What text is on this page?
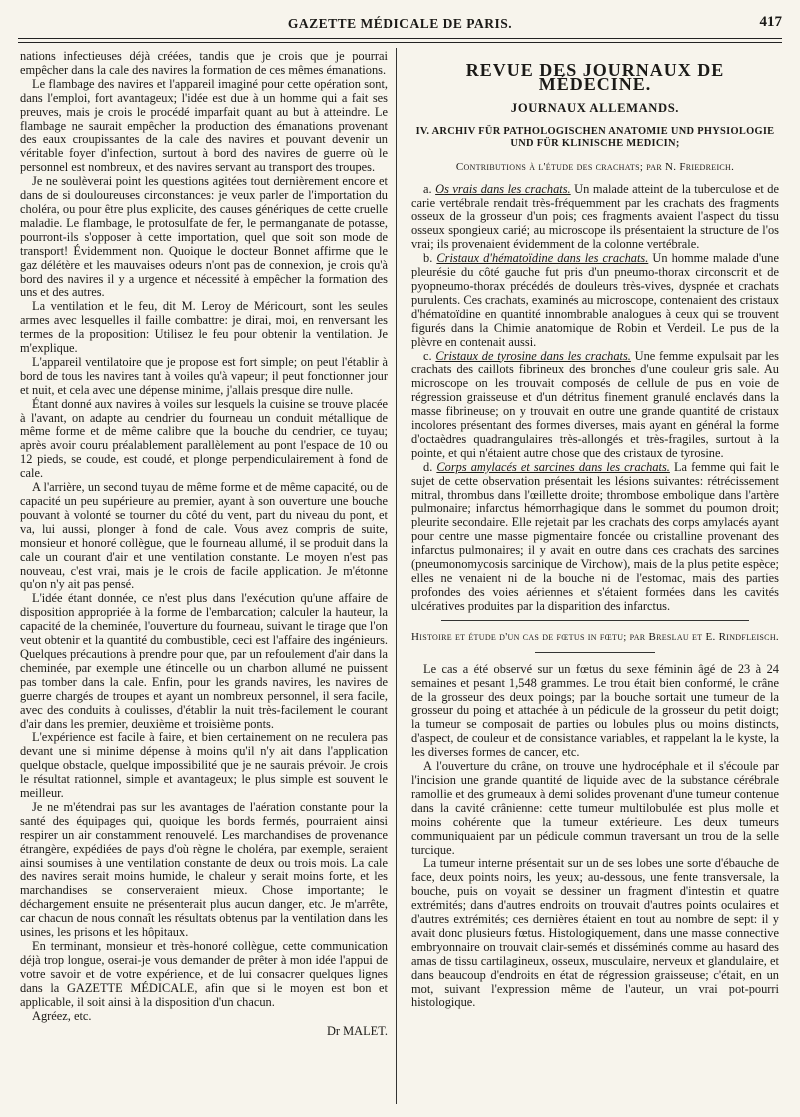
GAZETTE MÉDICALE DE PARIS.	417

nations infectieuses déjà créées, tandis que je crois que je pourrai empêcher dans la cale des navires la formation de ces mêmes émanations.

Le flambage des navires et l'appareil imaginé pour cette opération sont, dans l'emploi, fort avantageux; l'idée est due à un homme qui a fait ses preuves, mais je crois le procédé imparfait quant au but à atteindre. Le flambage ne saurait empêcher la production des émanations provenant des eaux croupissantes de la cale des navires et pouvant devenir un véritable foyer d'infection, surtout à bord des navires de guerre où le personnel est nombreux, et des navires servant au transport des troupes.

Je ne soulèverai point les questions agitées tout dernièrement encore et dans de si douloureuses circonstances: je veux parler de l'importation du choléra, ou pour être plus explicite, des causes génériques de cette cruelle maladie. Le flambage, le protosulfate de fer, le permanganate de potasse, pourront-ils s'opposer à cette importation, quel que soit son mode de transport! Évidemment non. Quoique le docteur Bonnet affirme que le gaz délétère et les mauvaises odeurs n'ont pas de connexion, je crois qu'à bord des navires il y a urgence et nécessité à empêcher la formation des uns et des autres.

La ventilation et le feu, dit M. Leroy de Méricourt, sont les seules armes avec lesquelles il faille combattre: je dirai, moi, en renversant les termes de la proposition: Utilisez le feu pour obtenir la ventilation. Je m'explique.

L'appareil ventilatoire que je propose est fort simple; on peut l'établir à bord de tous les navires tant à voiles qu'à vapeur; il peut fonctionner jour et nuit, et cela avec une dépense minime, j'allais presque dire nulle.

Étant donné aux navires à voiles sur lesquels la cuisine se trouve placée à l'avant, on adapte au cendrier du fourneau un conduit métallique de même forme et de même calibre que la bouche du cendrier, ce tuyau; après avoir couru préalablement parallèlement au pont l'espace de 10 ou 12 pieds, se coude, est coudé, et plonge perpendiculairement à fond de cale.

A l'arrière, un second tuyau de même forme et de même capacité, ou de capacité un peu supérieure au premier, ayant à son ouverture une bouche pouvant à volonté se tourner du côté du vent, part du niveau du pont, et va, lui aussi, plonger à fond de cale. Vous avez compris de suite, monsieur et honoré collègue, que le fourneau allumé, il se produit dans la cale un courant d'air et une ventilation constante. Le moyen n'est pas nouveau, c'est vrai, mais je le crois de facile application. Je m'étonne qu'on n'y ait pas pensé.

L'idée étant donnée, ce n'est plus dans l'exécution qu'une affaire de disposition appropriée à la forme de l'embarcation; calculer la hauteur, la capacité de la cheminée, l'ouverture du fourneau, suivant le tirage que l'on veut obtenir et la quantité du combustible, ceci est l'affaire des ingénieurs. Quelques précautions à prendre pour que, par un refoulement d'air dans la cheminée, par exemple une étincelle ou un charbon allumé ne puissent pas tomber dans la cale. Enfin, pour les grands navires, les navires de guerre chargés de troupes et ayant un nombreux personnel, il sera facile, avec des conduits à coulisses, d'établir la nuit très-facilement le courant d'air dans les premier, deuxième et troisième ponts.

L'expérience est facile à faire, et bien certainement on ne reculera pas devant une si minime dépense à moins qu'il n'y ait dans l'application quelque obstacle, quelque impossibilité que je ne saurais prévoir. Je crois le résultat rationnel, simple et avantageux; le plus simple est souvent le meilleur.

Je ne m'étendrai pas sur les avantages de l'aération constante pour la santé des équipages qui, quoique les bords fermés, pourraient ainsi respirer un air constamment renouvelé. Les marchandises de provenance étrangère, expédiées de pays d'où règne le choléra, par exemple, seraient ainsi soumises à une ventilation constante de deux ou trois mois. La cale des navires serait moins humide, le chaleur y serait moins forte, et les marchandises se conserveraient mieux. Chose importante; le déchargement ensuite ne présenterait plus aucun danger, etc. Je m'arrête, car chacun de nous connaît les résultats obtenus par la ventilation dans les usines, les prisons et les hôpitaux.

En terminant, monsieur et très-honoré collègue, cette communication déjà trop longue, oserai-je vous demander de prêter à mon idée l'appui de votre savoir et de votre expérience, et de lui consacrer quelques lignes dans la GAZETTE MÉDICALE, afin que si le moyen est bon et applicable, il soit ainsi à la disposition d'un chacun.

Agréez, etc.

Dr MALET.
REVUE DES JOURNAUX DE MÉDECINE.
JOURNAUX ALLEMANDS.
IV. ARCHIV FÜR PATHOLOGISCHEN ANATOMIE UND PHYSIOLOGIE UND FÜR KLINISCHE MEDICIN;
Contributions à l'étude des crachats; par N. Friedreich.

a. Os vrais dans les crachats. Un malade atteint de la tuberculose et de carie vertébrale rendait très-fréquemment par les crachats des fragments osseux de la grosseur d'un pois; ces fragments avaient l'aspect du tissu osseux spongieux carié; au microscope ils présentaient la structure de l'os vrai; ils provenaient évidemment de la colonne vertébrale.

b. Cristaux d'hématoïdine dans les crachats. Un homme malade d'une pleurésie du côté gauche fut pris d'un pneumo-thorax circonscrit et de pyopneumo-thorax précédés de douleurs très-vives, dyspnée et crachats purulents. Ces crachats, examinés au microscope, contenaient des cristaux d'hématoïdine en quantité innombrable analogues à ceux qui se trouvent figurés dans la Chimie anatomique de Robin et Verdeil. Le pus de la plèvre en contenait aussi.

c. Cristaux de tyrosine dans les crachats. Une femme expulsait par les crachats des caillots fibrineux des bronches d'une couleur gris sale. Au microscope on les trouvait composés de cellule de pus en voie de régression graisseuse et d'un détritus finement granulé enclavés dans la masse fibrineuse; on y trouvait en outre une grande quantité de cristaux incolores présentant des formes diverses, mais ayant en général la forme d'octaèdres quadrangulaires très-allongés et très-fragiles, surtout à la pointe, et qui n'étaient autre chose que des cristaux de tyrosine.

d. Corps amylacés et sarcines dans les crachats. La femme qui fait le sujet de cette observation présentait les lésions suivantes: rétrécissement mitral, thrombus dans l'œillette droite; thrombose embolique dans l'artère pulmonaire; infarctus hémorrhagique dans le sommet du poumon droit; pleurite secondaire. Elle rejetait par les crachats des corps amylacés ayant pour centre une masse pigmentaire foncée ou cristalline provenant des infarctus pulmonaires; il y avait en outre dans ces crachats des sarcines (pneumonomycosis sarcinique de Virchow), mais de la plus petite espèce; elles ne venaient ni de la bouche ni de l'estomac, mais des parties profondes des voies aériennes et s'étaient formées dans les cavités ulcératives produites par la disparition des infarctus.

Histoire et étude d'un cas de fœtus in fœtu; par Breslau et E. Rindfleisch.

Le cas a été observé sur un fœtus du sexe féminin âgé de 23 à 24 semaines et pesant 1,548 grammes. Le trou était bien conformé, le crâne de la grosseur des deux poings; par la bouche sortait une tumeur de la grosseur du poing et attachée à un pédicule de la grosseur du petit doigt; la tumeur se composait de parties ou lobules plus ou moins distincts, d'aspect, de couleur et de consistance variables, et rappelant la le kyste, la les diverses formes de cancer, etc.

A l'ouverture du crâne, on trouve une hydrocéphale et il s'écoule par l'incision une grande quantité de liquide avec de la substance cérébrale ramollie et des grumeaux à demi solides provenant d'une tumeur contenue dans la cavité crânienne: cette tumeur multilobulée est plus molle et moins cohérente que la tumeur extérieure. Les deux tumeurs communiquaient par un pédicule commun traversant un trou de la selle turcique.

La tumeur interne présentait sur un de ses lobes une sorte d'ébauche de face, deux points noirs, les yeux; au-dessous, une fente transversale, la bouche, puis on voyait se dessiner un fragment d'intestin et quatre extrémités; dans d'autres endroits on trouvait d'autres points oculaires et d'autres extrémités; ces dernières étaient en tout au nombre de sept: il y avait donc plusieurs fœtus. Histologiquement, dans une masse connective embryonnaire on trouvait clair-semés et disséminés comme au hasard des amas de tissu cartilagineux, osseux, musculaire, nerveux et glandulaire, et dans beaucoup d'endroits en état de régression graisseuse; c'était, en un mot, suivant l'expression même de l'auteur, un vrai pot-pourri histologique.
